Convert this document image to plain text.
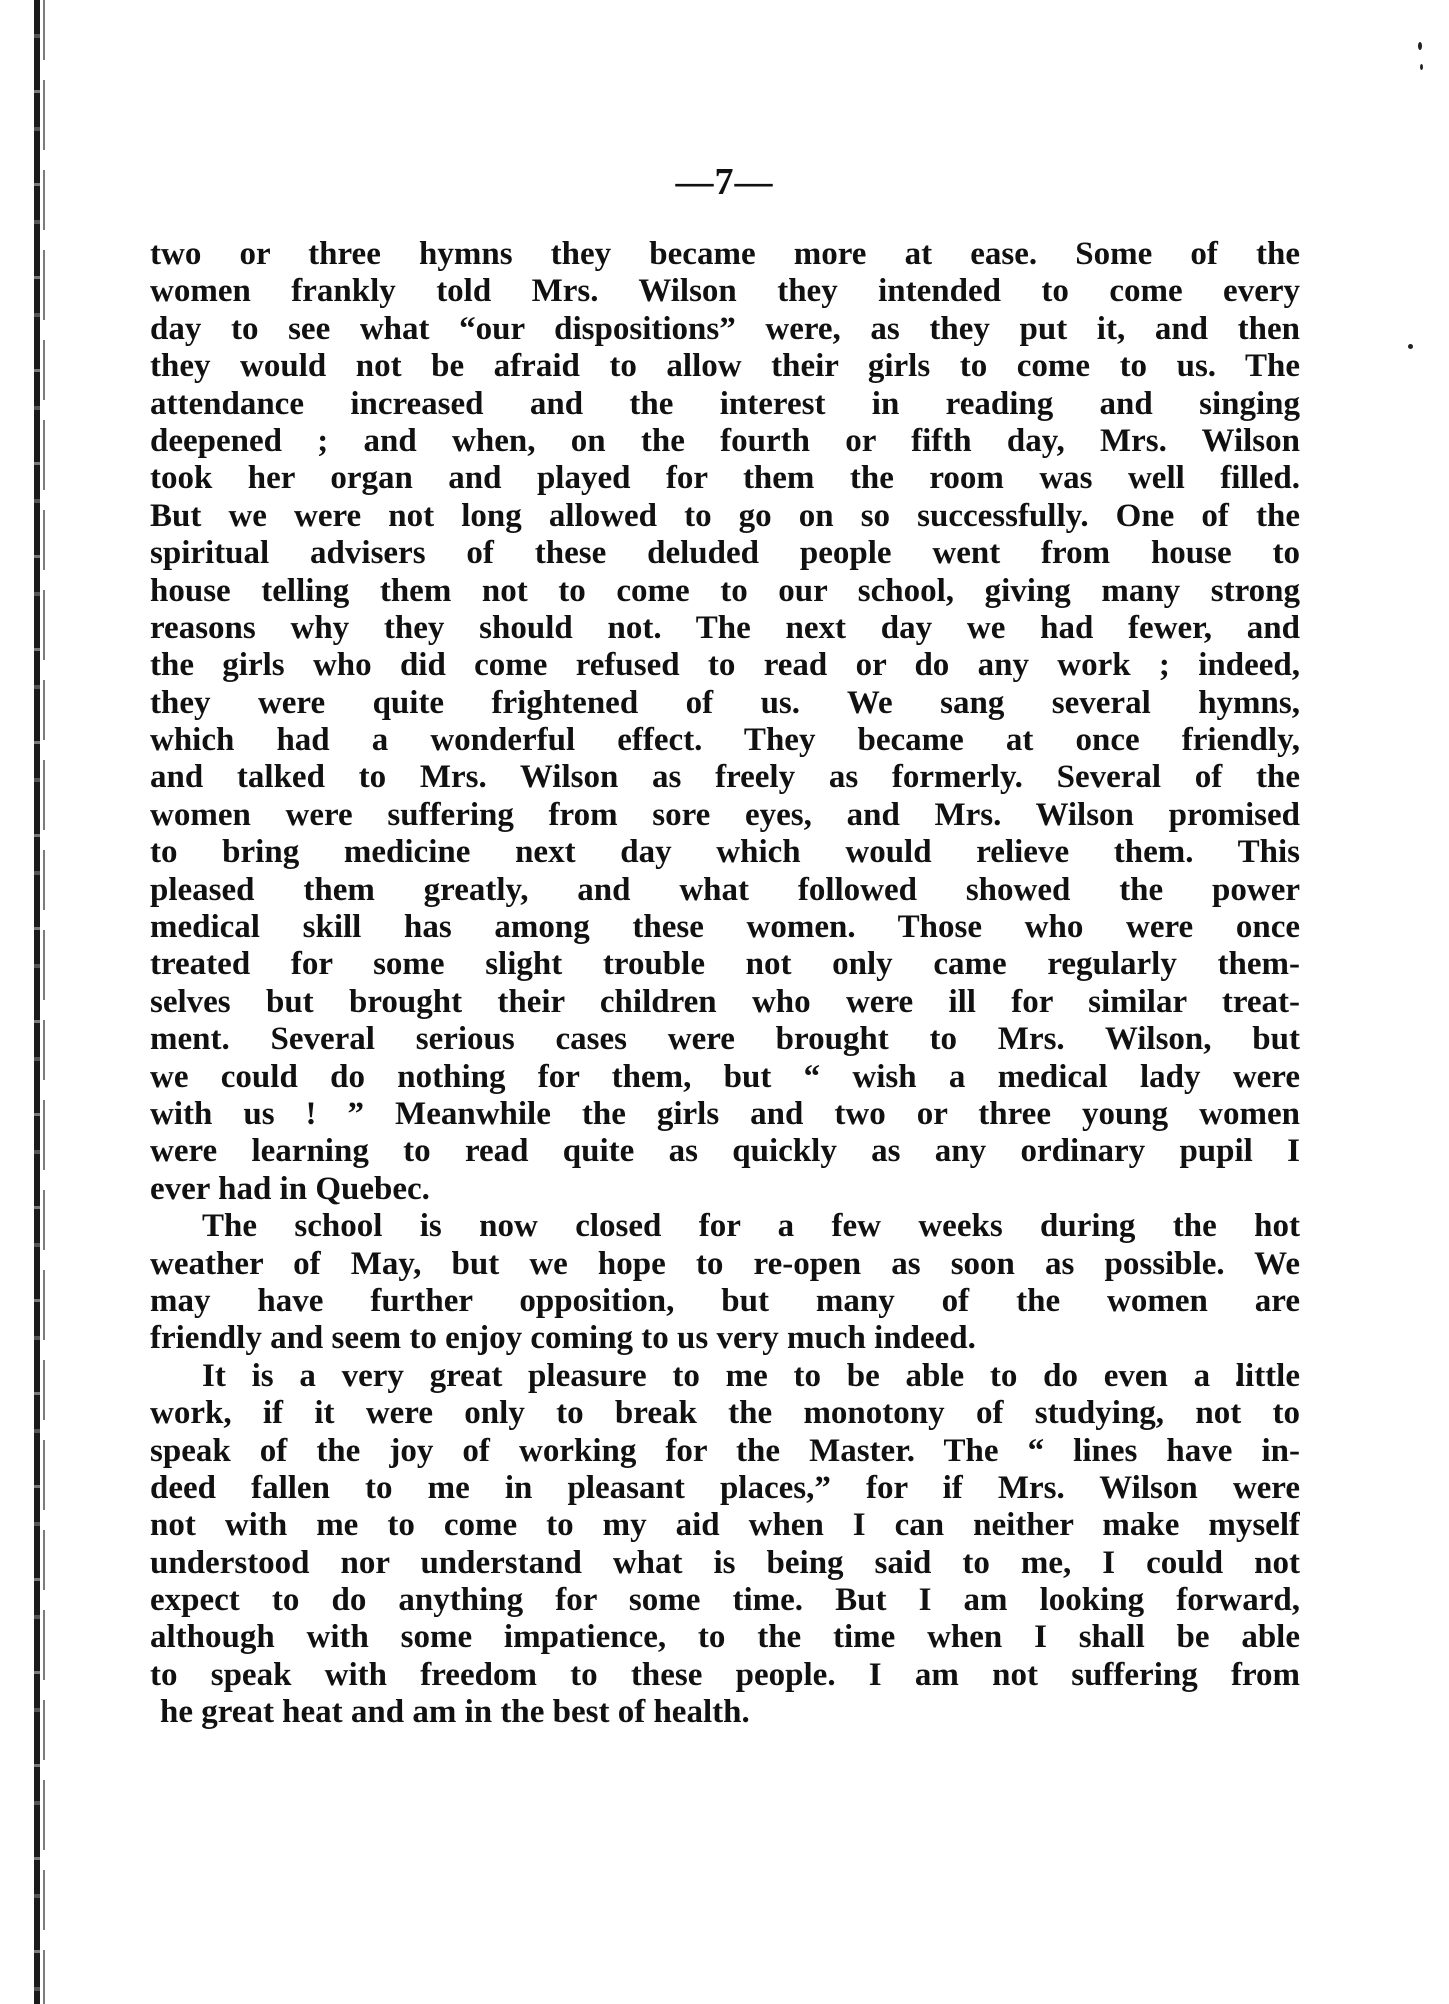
—7—
two or three hymns they became more at ease. Some of the
women frankly told Mrs. Wilson they intended to come every
day to see what “our dispositions” were, as they put it, and then
they would not be afraid to allow their girls to come to us. The
attendance increased and the interest in reading and singing
deepened ; and when, on the fourth or fifth day, Mrs. Wilson
took her organ and played for them the room was well filled.
But we were not long allowed to go on so successfully. One of the
spiritual advisers of these deluded people went from house to
house telling them not to come to our school, giving many strong
reasons why they should not. The next day we had fewer, and
the girls who did come refused to read or do any work ; indeed,
they were quite frightened of us. We sang several hymns,
which had a wonderful effect. They became at once friendly,
and talked to Mrs. Wilson as freely as formerly. Several of the
women were suffering from sore eyes, and Mrs. Wilson promised
to bring medicine next day which would relieve them. This
pleased them greatly, and what followed showed the power
medical skill has among these women. Those who were once
treated for some slight trouble not only came regularly them-
selves but brought their children who were ill for similar treat-
ment. Several serious cases were brought to Mrs. Wilson, but
we could do nothing for them, but “ wish a medical lady were
with us ! ” Meanwhile the girls and two or three young women
were learning to read quite as quickly as any ordinary pupil I
ever had in Quebec.
The school is now closed for a few weeks during the hot
weather of May, but we hope to re-open as soon as possible. We
may have further opposition, but many of the women are
friendly and seem to enjoy coming to us very much indeed.
It is a very great pleasure to me to be able to do even a little
work, if it were only to break the monotony of studying, not to
speak of the joy of working for the Master. The “ lines have in-
deed fallen to me in pleasant places,” for if Mrs. Wilson were
not with me to come to my aid when I can neither make myself
understood nor understand what is being said to me, I could not
expect to do anything for some time. But I am looking forward,
although with some impatience, to the time when I shall be able
to speak with freedom to these people. I am not suffering from
he great heat and am in the best of health.
